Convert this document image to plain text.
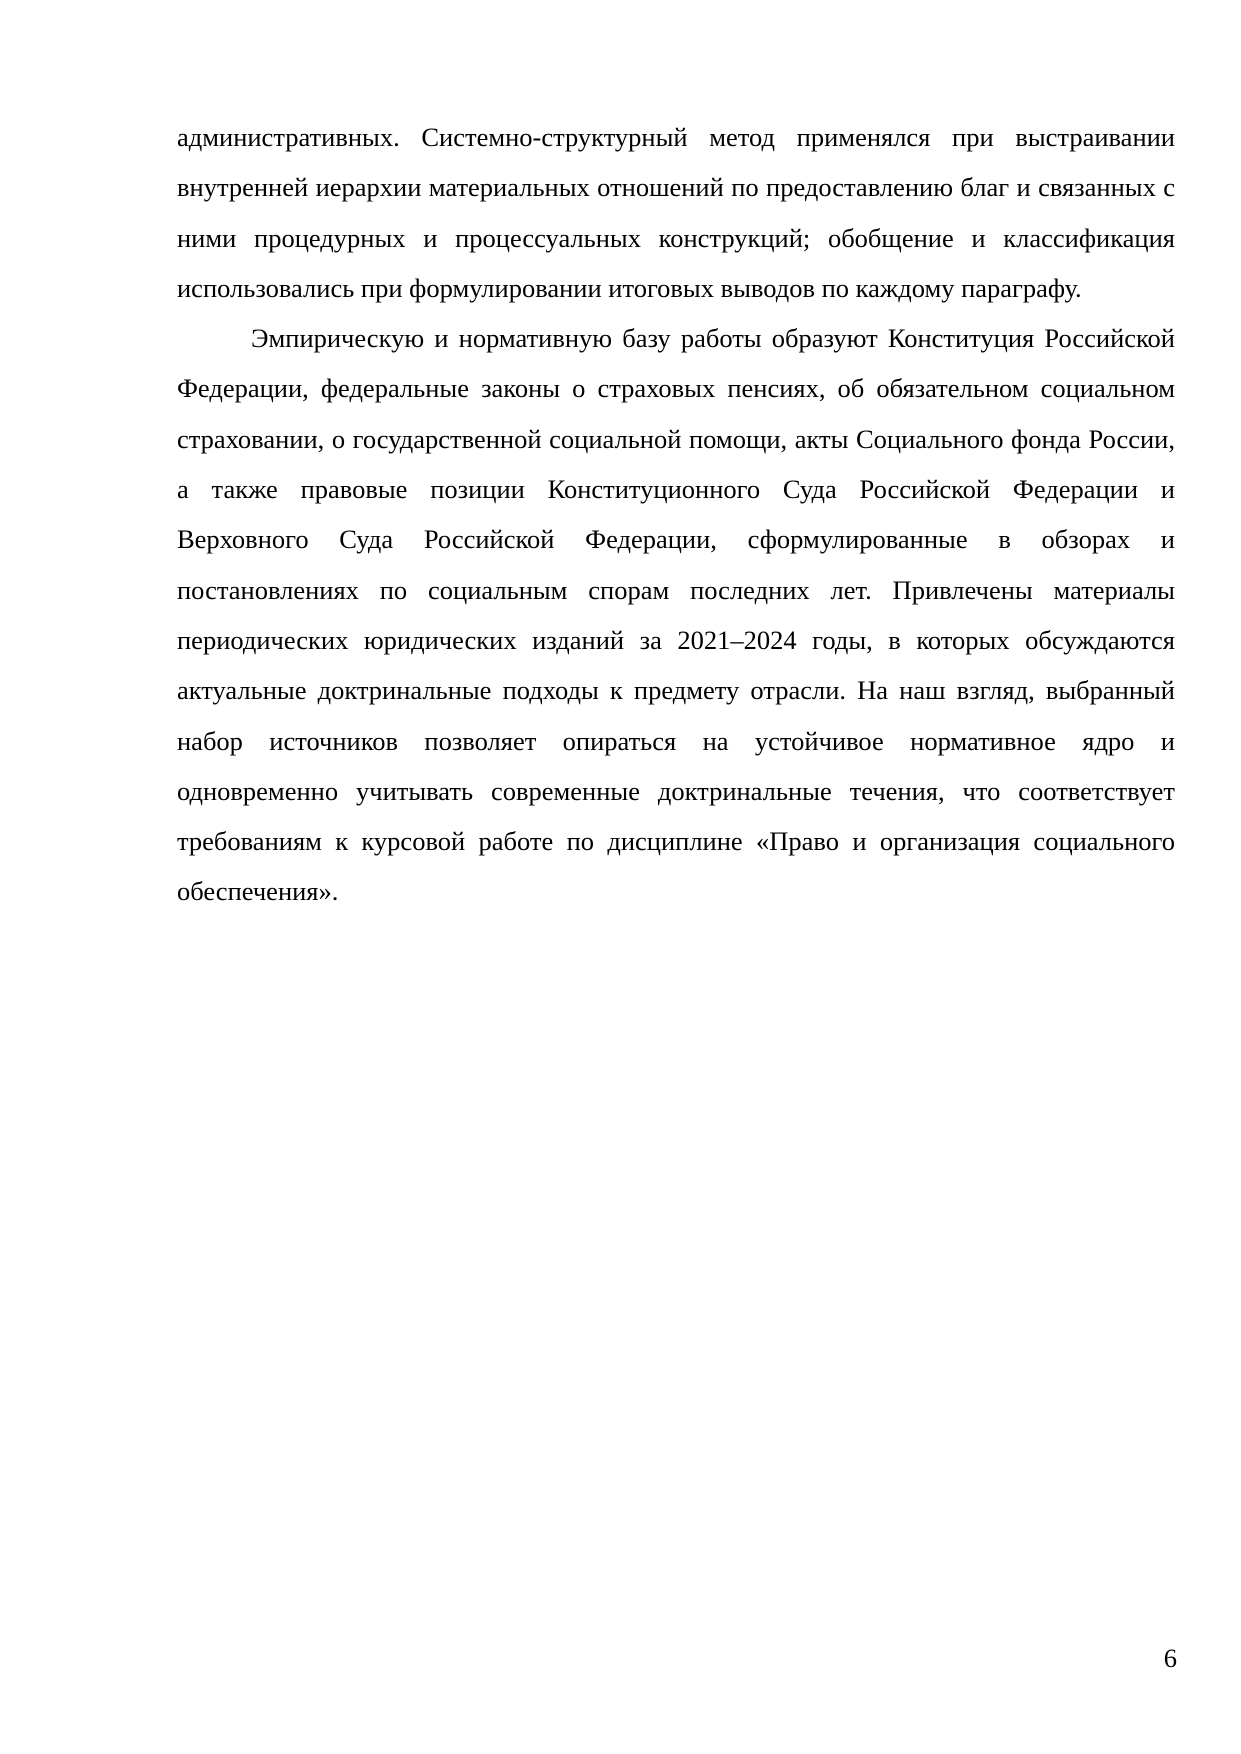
административных. Системно-структурный метод применялся при выстраивании внутренней иерархии материальных отношений по предоставлению благ и связанных с ними процедурных и процессуальных конструкций; обобщение и классификация использовались при формулировании итоговых выводов по каждому параграфу.

Эмпирическую и нормативную базу работы образуют Конституция Российской Федерации, федеральные законы о страховых пенсиях, об обязательном социальном страховании, о государственной социальной помощи, акты Социального фонда России, а также правовые позиции Конституционного Суда Российской Федерации и Верховного Суда Российской Федерации, сформулированные в обзорах и постановлениях по социальным спорам последних лет. Привлечены материалы периодических юридических изданий за 2021–2024 годы, в которых обсуждаются актуальные доктринальные подходы к предмету отрасли. На наш взгляд, выбранный набор источников позволяет опираться на устойчивое нормативное ядро и одновременно учитывать современные доктринальные течения, что соответствует требованиям к курсовой работе по дисциплине «Право и организация социального обеспечения».

6
